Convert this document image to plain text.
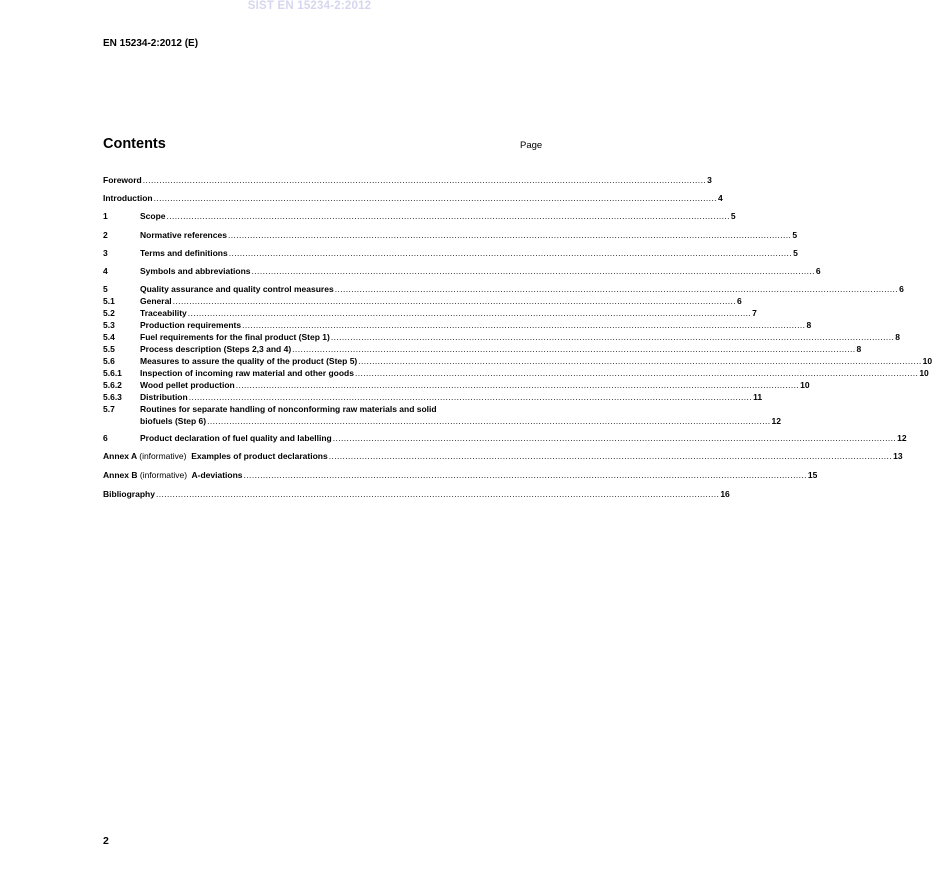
SIST EN 15234-2:2012
EN 15234-2:2012 (E)
Contents	Page
Foreword ............................................................................................................................................................................................................ 3
Introduction ............................................................................................................................................................................................................ 4
1	Scope ............................................................................................................................................................................................................ 5
2	Normative references ............................................................................................................................................................................................................ 5
3	Terms and definitions ............................................................................................................................................................................................................ 5
4	Symbols and abbreviations ............................................................................................................................................................................................................ 6
5	Quality assurance and quality control measures ............................................................................................................................................................................................................ 6
5.1	General ............................................................................................................................................................................................................ 6
5.2	Traceability ............................................................................................................................................................................................................ 7
5.3	Production requirements ............................................................................................................................................................................................................ 8
5.4	Fuel requirements for the final product (Step 1) ............................................................................................................................................................................................................ 8
5.5	Process description (Steps 2,3 and 4) ............................................................................................................................................................................................................ 8
5.6	Measures to assure the quality of the product (Step 5) ............................................................................................................................................................................................................ 10
5.6.1	Inspection of incoming raw material and other goods ............................................................................................................................................................................................................ 10
5.6.2	Wood pellet production ............................................................................................................................................................................................................ 10
5.6.3	Distribution ............................................................................................................................................................................................................ 11
5.7	Routines for separate handling of nonconforming raw materials and solid
biofuels (Step 6) ............................................................................................................................................................................................................ 12
6	Product declaration of fuel quality and labelling ............................................................................................................................................................................................................ 12
Annex A (informative) Examples of product declarations ............................................................................................................................................................................................................ 13
Annex B (informative) A-deviations ............................................................................................................................................................................................................ 15
Bibliography ............................................................................................................................................................................................................ 16
2
